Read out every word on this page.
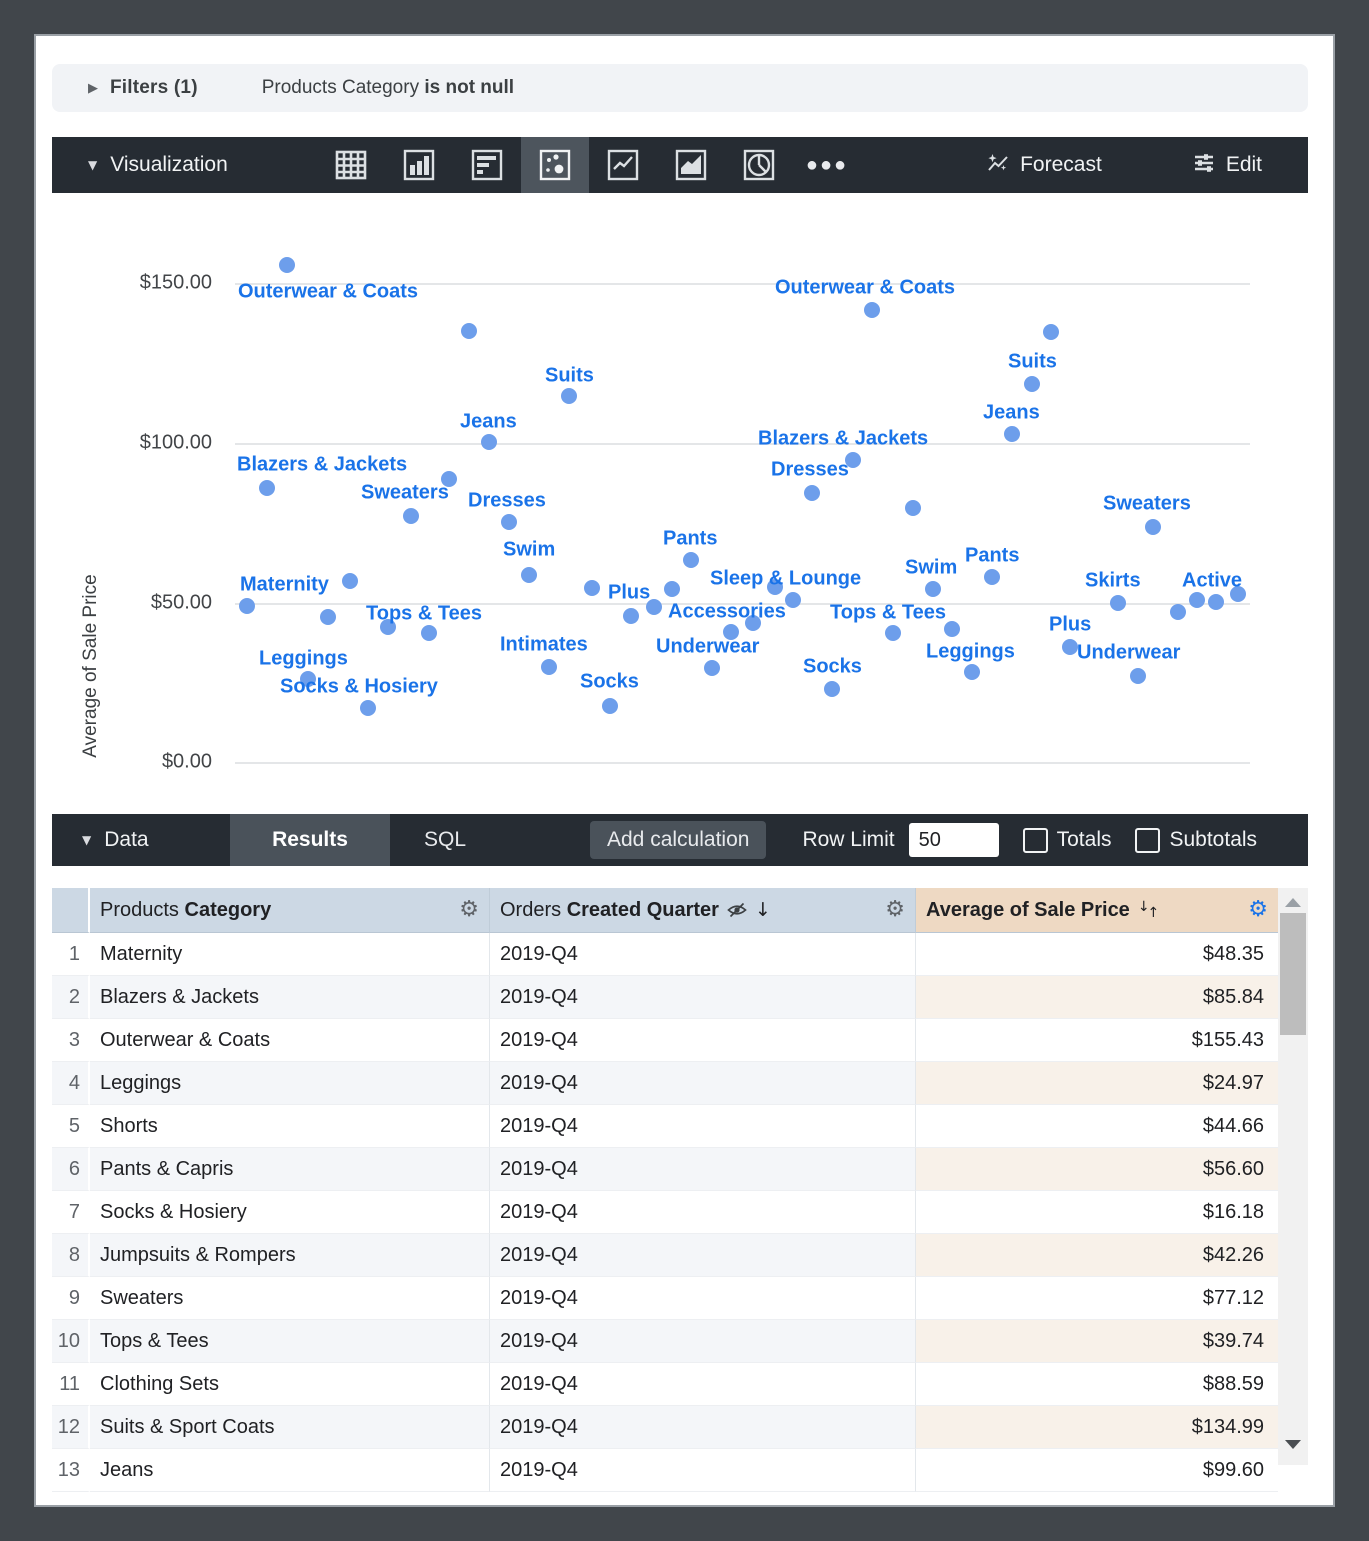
▶ Filters (1)	Products Category is not null
▼ Visualization	●●●	Forecast	Edit
Average of Sale Price
$150.00
$100.00
$50.00
$0.00
Outerwear & Coats
Suits
Jeans
Blazers & Jackets
Sweaters Dresses
Swim
Maternity
Tops & Tees
Leggings
Socks & Hosiery
Intimates
Socks
Plus
Pants
Accessories
Underwear
Sleep & Lounge
Outerwear & Coats
Suits
Jeans
Blazers & Jackets
Dresses
Sweaters
Pants
Swim
Tops & Tees
Socks
Leggings
Plus
Underwear
Skirts Active
▼ Data	Results	SQL	Add calculation	Row Limit
50	Totals	Subtotals
Products Category	⚙ Orders Created Quarter ↓	⚙ Average of Sale Price ↓↑	⚙
1	Maternity	2019-Q4	$48.35
2	Blazers & Jackets	2019-Q4	$85.84
3	Outerwear & Coats	2019-Q4	$155.43
4	Leggings	2019-Q4	$24.97
5	Shorts	2019-Q4	$44.66
6	Pants & Capris	2019-Q4	$56.60
7	Socks & Hosiery	2019-Q4	$16.18
8	Jumpsuits & Rompers	2019-Q4	$42.26
9	Sweaters	2019-Q4	$77.12
10	Tops & Tees	2019-Q4	$39.74
11	Clothing Sets	2019-Q4	$88.59
12	Suits & Sport Coats	2019-Q4	$134.99
13	Jeans	2019-Q4	$99.60
